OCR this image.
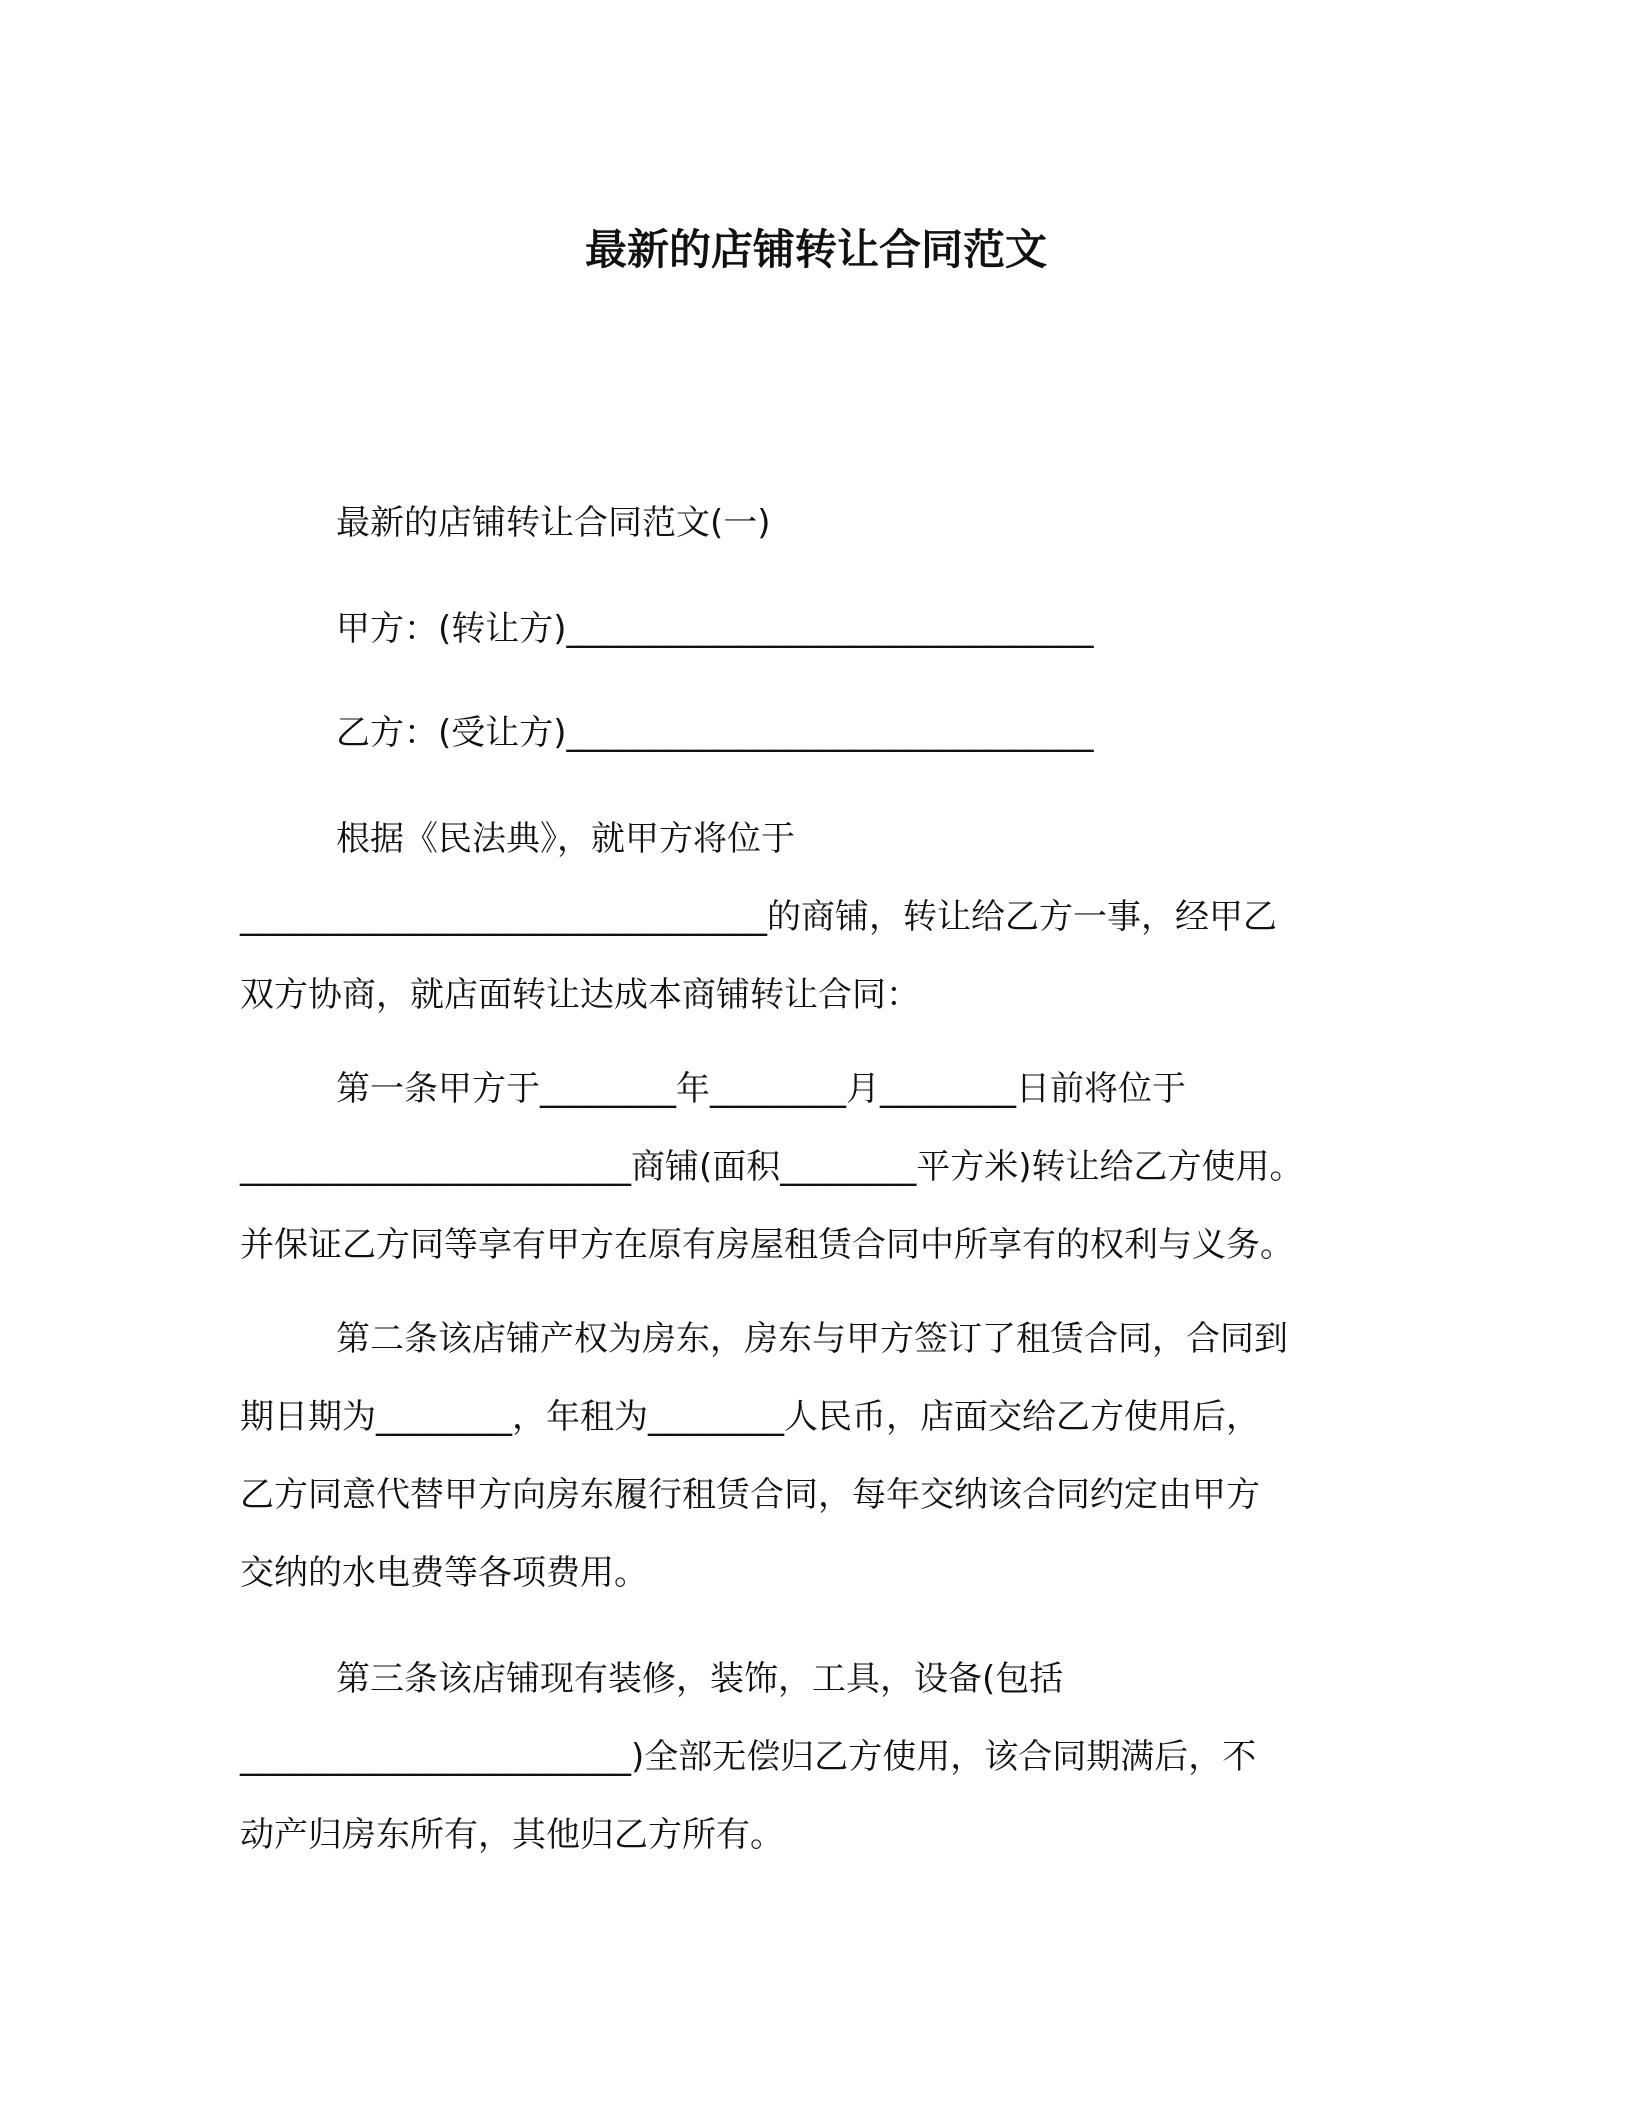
最新的店铺转让合同范文
最新的店铺转让合同范文(一)
甲方：(转让方)_______________________________
乙方：(受让方)_______________________________
根据《民法典》，就甲方将位于
_______________________________的商铺，转让给乙方一事，经甲乙
双方协商，就店面转让达成本商铺转让合同：
第一条甲方于________年________月________日前将位于
_______________________商铺(面积________平方米)转让给乙方使用。
并保证乙方同等享有甲方在原有房屋租赁合同中所享有的权利与义务。
第二条该店铺产权为房东，房东与甲方签订了租赁合同，合同到
期日期为________，年租为________人民币，店面交给乙方使用后，
乙方同意代替甲方向房东履行租赁合同，每年交纳该合同约定由甲方
交纳的水电费等各项费用。
第三条该店铺现有装修，装饰，工具，设备(包括
_______________________)全部无偿归乙方使用，该合同期满后，不
动产归房东所有，其他归乙方所有。
